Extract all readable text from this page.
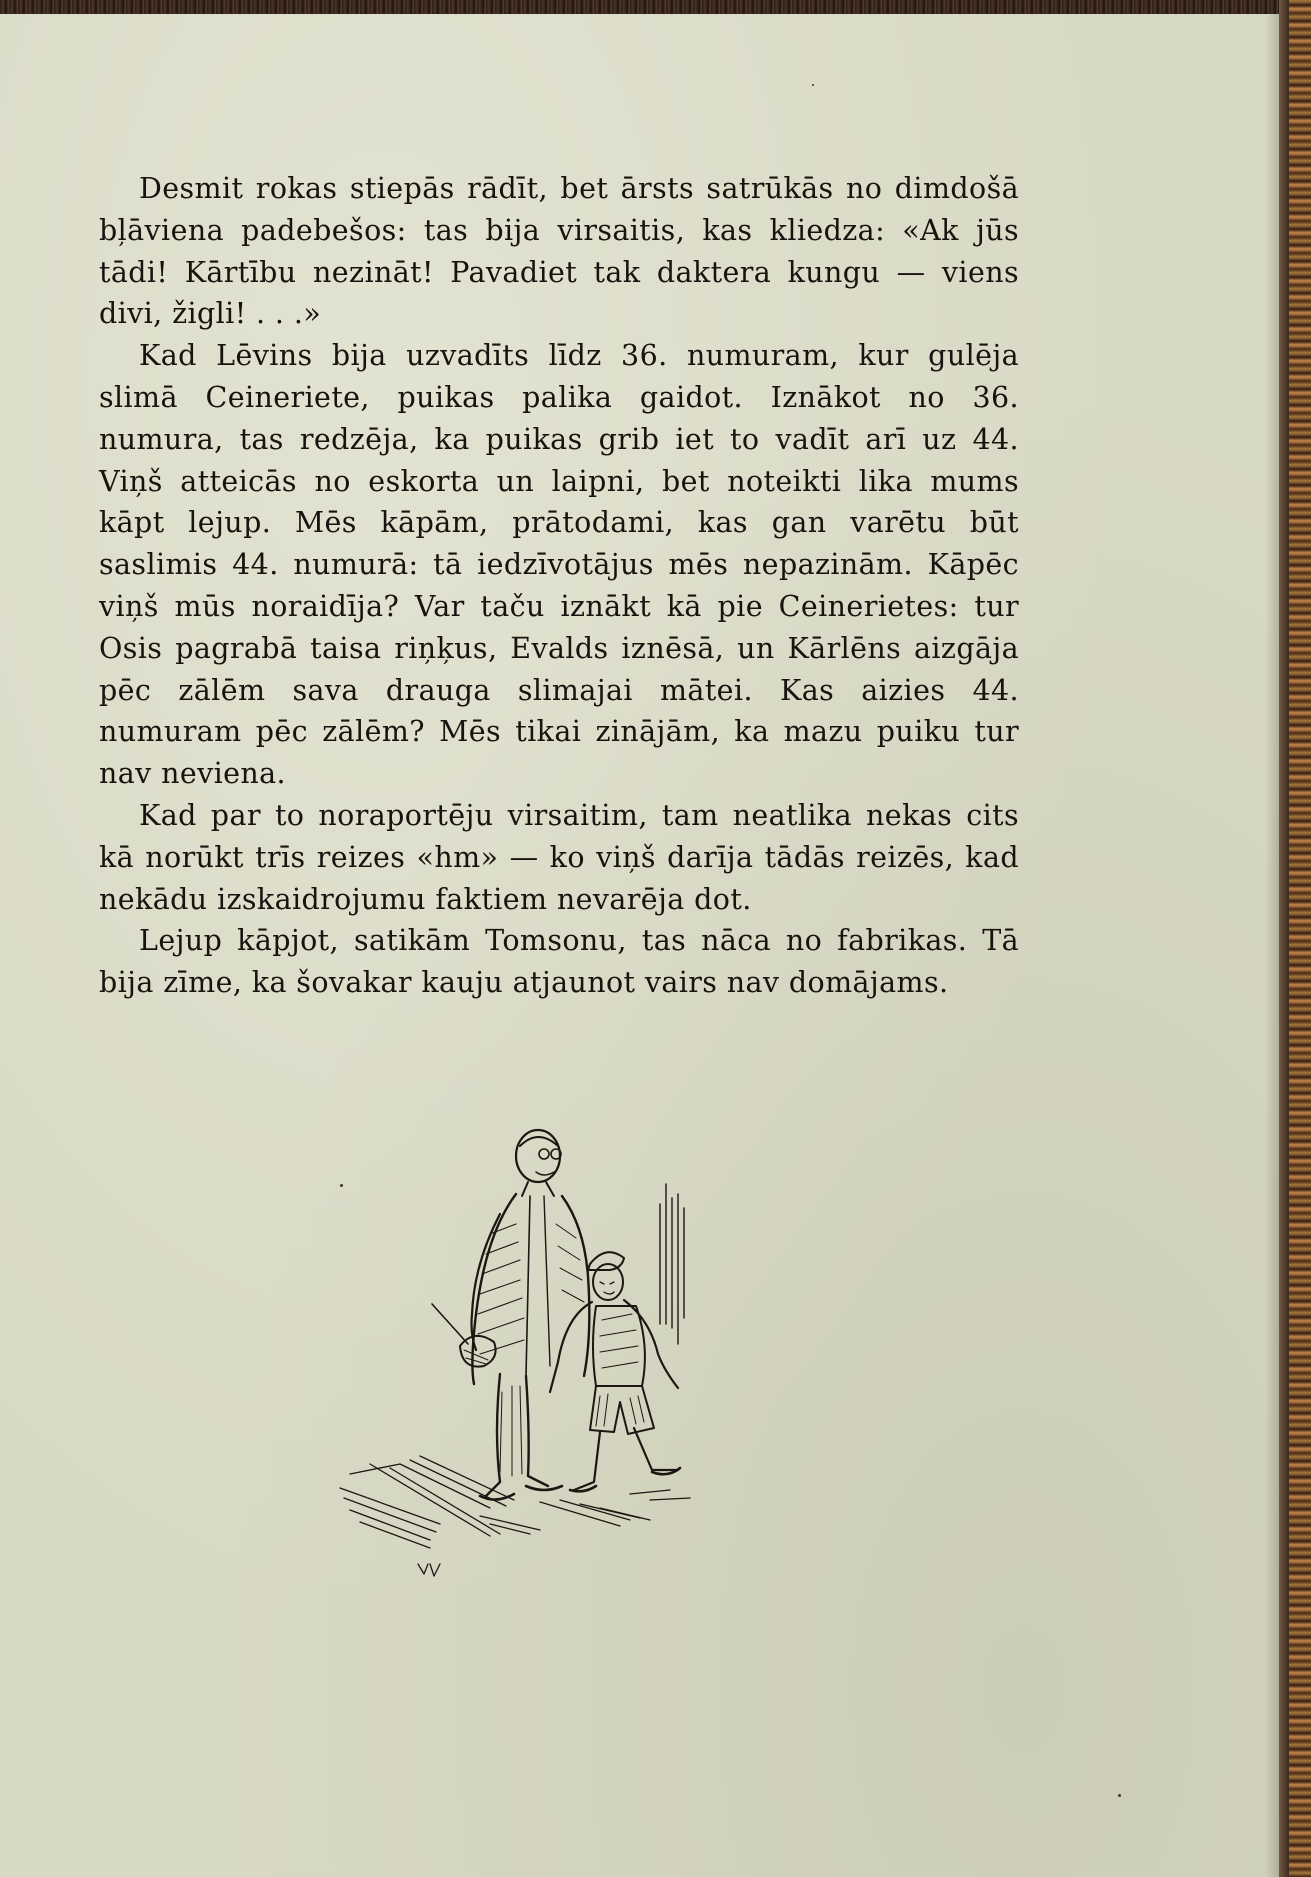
Desmit rokas stiepās rādīt, bet ārsts satrūkās no dimdošā bļāviena padebešos: tas bija virsaitis, kas kliedza: «Ak jūs tādi! Kārtību nezināt! Pavadiet tak daktera kungu — viens divi, žigli! . . .»

Kad Lēvins bija uzvadīts līdz 36. numuram, kur gulēja slimā Ceineriete, puikas palika gaidot. Iznākot no 36. numura, tas redzēja, ka puikas grib iet to vadīt arī uz 44. Viņš atteicās no eskorta un laipni, bet noteikti lika mums kāpt lejup. Mēs kāpām, prātodami, kas gan varētu būt saslimis 44. numurā: tā iedzīvotājus mēs nepazinām. Kāpēc viņš mūs noraidīja? Var taču iznākt kā pie Ceinerietes: tur Osis pagrabā taisa riņķus, Evalds iznēsā, un Kārlēns aizgāja pēc zālēm sava drauga slimajai mātei. Kas aizies 44. numuram pēc zālēm? Mēs tikai zinājām, ka mazu puiku tur nav neviena.

Kad par to noraportēju virsaitim, tam neatlika nekas cits kā norūkt trīs reizes «hm» — ko viņš darīja tādās reizēs, kad nekādu izskaidrojumu faktiem nevarēja dot.

Lejup kāpjot, satikām Tomsonu, tas nāca no fabrikas. Tā bija zīme, ka šovakar kauju atjaunot vairs nav domājams.
